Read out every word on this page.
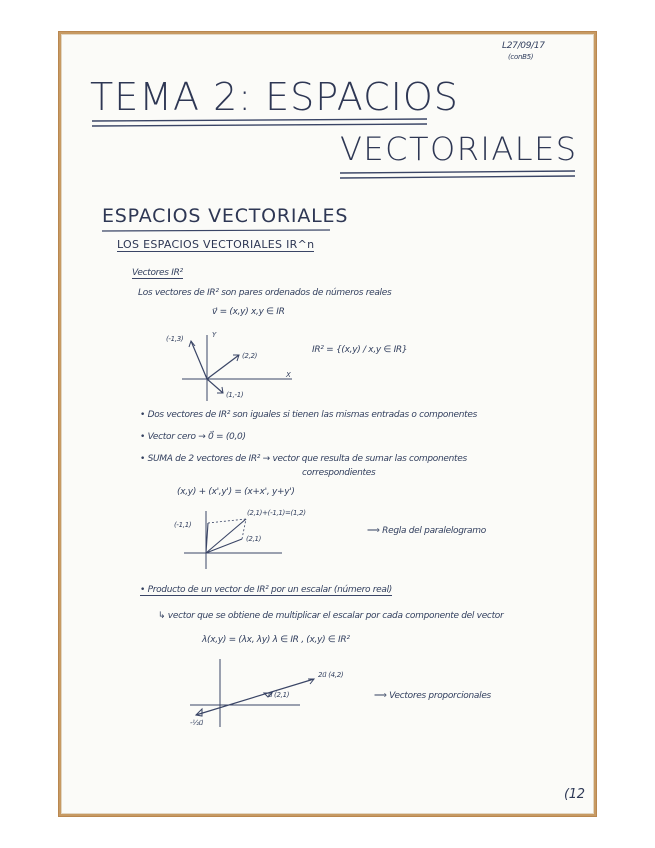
L27/09/17
(conB5)
TEMA 2: ESPACIOS
VECTORIALES
ESPACIOS VECTORIALES
LOS ESPACIOS VECTORIALES IR^n
Vectores IR²
Los vectores de IR² son pares ordenados de números reales
v⃗ = (x,y) x,y ∈ IR
(-1,3)
(2,2)
(1,-1)
Y
X
IR² = {(x,y) / x,y ∈ IR}
• Dos vectores de IR² son iguales si tienen las mismas entradas o componentes
• Vector cero → 0⃗ = (0,0)
• SUMA de 2 vectores de IR² → vector que resulta de sumar las componentes
correspondientes
(x,y) + (x',y') = (x+x', y+y')
(2,1)+(-1,1)=(1,2)
(-1,1)
(2,1)
⟹ Regla del paralelogramo
• Producto de un vector de IR² por un escalar (número real)
↳ vector que se obtiene de multiplicar el escalar por cada componente del vector
λ(x,y) = (λx, λy) λ ∈ IR , (x,y) ∈ IR²
2u⃗ (4,2)
u⃗ (2,1)
-½u⃗
⟹ Vectores proporcionales
(12
